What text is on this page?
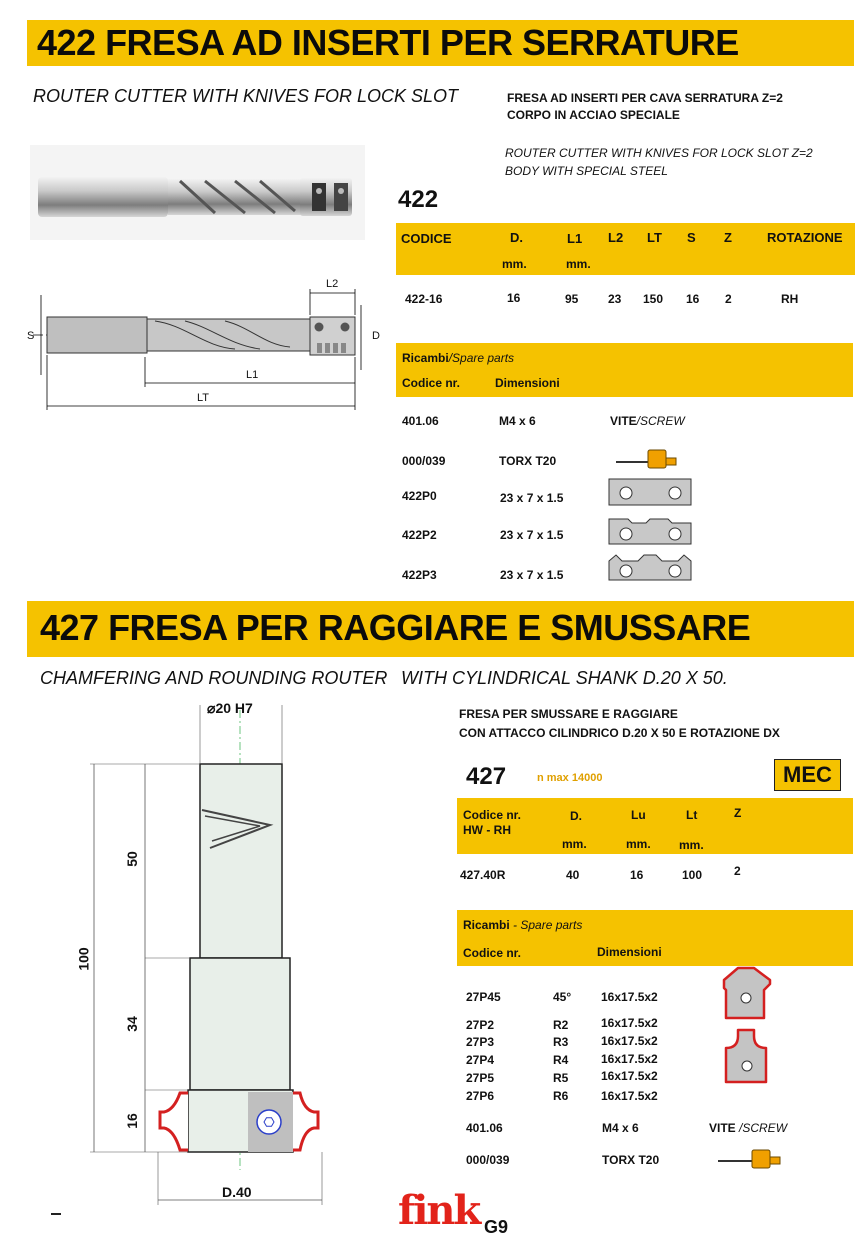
422 FRESA AD INSERTI PER SERRATURE
ROUTER CUTTER WITH KNIVES FOR LOCK SLOT	FRESA AD INSERTI PER CAVA SERRATURA Z=2
CORPO IN ACCIAO SPECIALE
ROUTER CUTTER WITH KNIVES FOR LOCK SLOT Z=2
BODY WITH SPECIAL STEEL
L2
S	D
L1
LT
422
CODICE	D.	L1 L2 LT S Z	ROTAZIONE
mm.	mm.
422-16	16	95 23 150 16 2	RH
Ricambi/Spare parts
Codice nr.	Dimensioni
401.06	M4 x 6	VITE/SCREW
000/039	TORX T20
422P0	23 x 7 x 1.5
422P2	23 x 7 x 1.5
422P3	23 x 7 x 1.5
427 FRESA PER RAGGIARE E SMUSSARE
CHAMFERING AND ROUNDING ROUTER WITH CYLINDRICAL SHANK D.20 X 50.
FRESA PER SMUSSARE E RAGGIARE
CON ATTACCO CILINDRICO D.20 X 50 E ROTAZIONE DX
427	n max 14000	MEC
⌀20 H7
50
100
34
16
D.40
Codice nr.
HW - RH
D.	Lu	Lt	Z
mm.	mm. mm.
427.40R	40	16	100	2
Ricambi - Spare parts
Codice nr.	Dimensioni
27P45	45° 16x17.5x2
27P2	R2	16x17.5x2
27P3	R3	16x17.5x2
27P4	R4	16x17.5x2
27P5	R5	16x17.5x2
27P6	R6	16x17.5x2
401.06	M4 x 6	VITE /SCREW
000/039	TORX T20
fink G9
